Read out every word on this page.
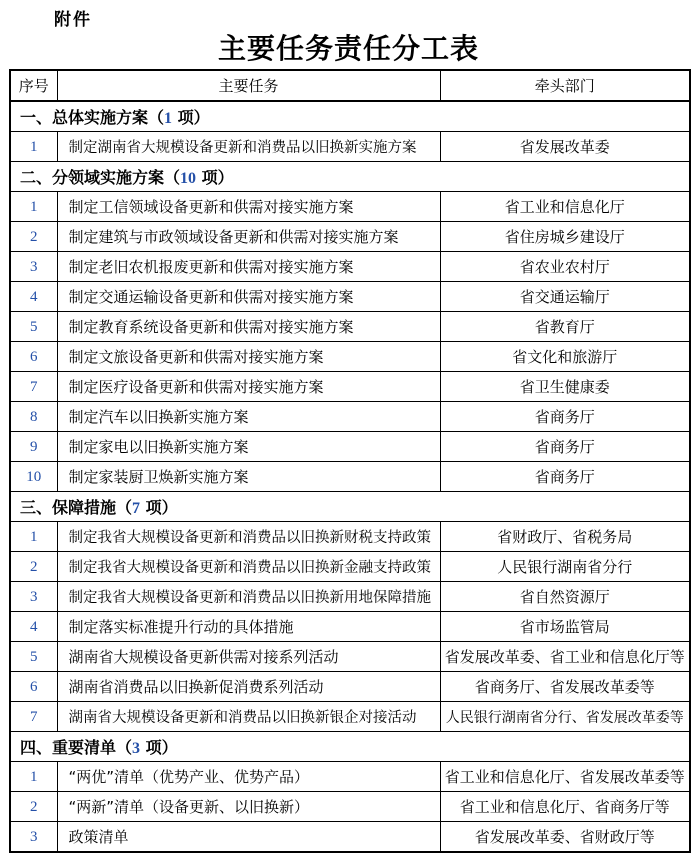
附件
主要任务责任分工表
序号	主要任务	牵头部门
一、总体实施方案（1 项）		
1	制定湖南省大规模设备更新和消费品以旧换新实施方案	省发展改革委
二、分领域实施方案（10 项）		
1	制定工信领域设备更新和供需对接实施方案	省工业和信息化厅
2	制定建筑与市政领域设备更新和供需对接实施方案	省住房城乡建设厅
3	制定老旧农机报废更新和供需对接实施方案	省农业农村厅
4	制定交通运输设备更新和供需对接实施方案	省交通运输厅
5	制定教育系统设备更新和供需对接实施方案	省教育厅
6	制定文旅设备更新和供需对接实施方案	省文化和旅游厅
7	制定医疗设备更新和供需对接实施方案	省卫生健康委
8	制定汽车以旧换新实施方案	省商务厅
9	制定家电以旧换新实施方案	省商务厅
10	制定家装厨卫焕新实施方案	省商务厅
三、保障措施（7 项）		
1	制定我省大规模设备更新和消费品以旧换新财税支持政策	省财政厅、省税务局
2	制定我省大规模设备更新和消费品以旧换新金融支持政策	人民银行湖南省分行
3	制定我省大规模设备更新和消费品以旧换新用地保障措施	省自然资源厅
4	制定落实标准提升行动的具体措施	省市场监管局
5	湖南省大规模设备更新供需对接系列活动	省发展改革委、省工业和信息化厅等
6	湖南省消费品以旧换新促消费系列活动	省商务厅、省发展改革委等
7	湖南省大规模设备更新和消费品以旧换新银企对接活动	人民银行湖南省分行、省发展改革委等
四、重要清单（3 项）		
1	“两优”清单（优势产业、优势产品）	省工业和信息化厅、省发展改革委等
2	“两新”清单（设备更新、以旧换新）	省工业和信息化厅、省商务厅等
3	政策清单	省发展改革委、省财政厅等
